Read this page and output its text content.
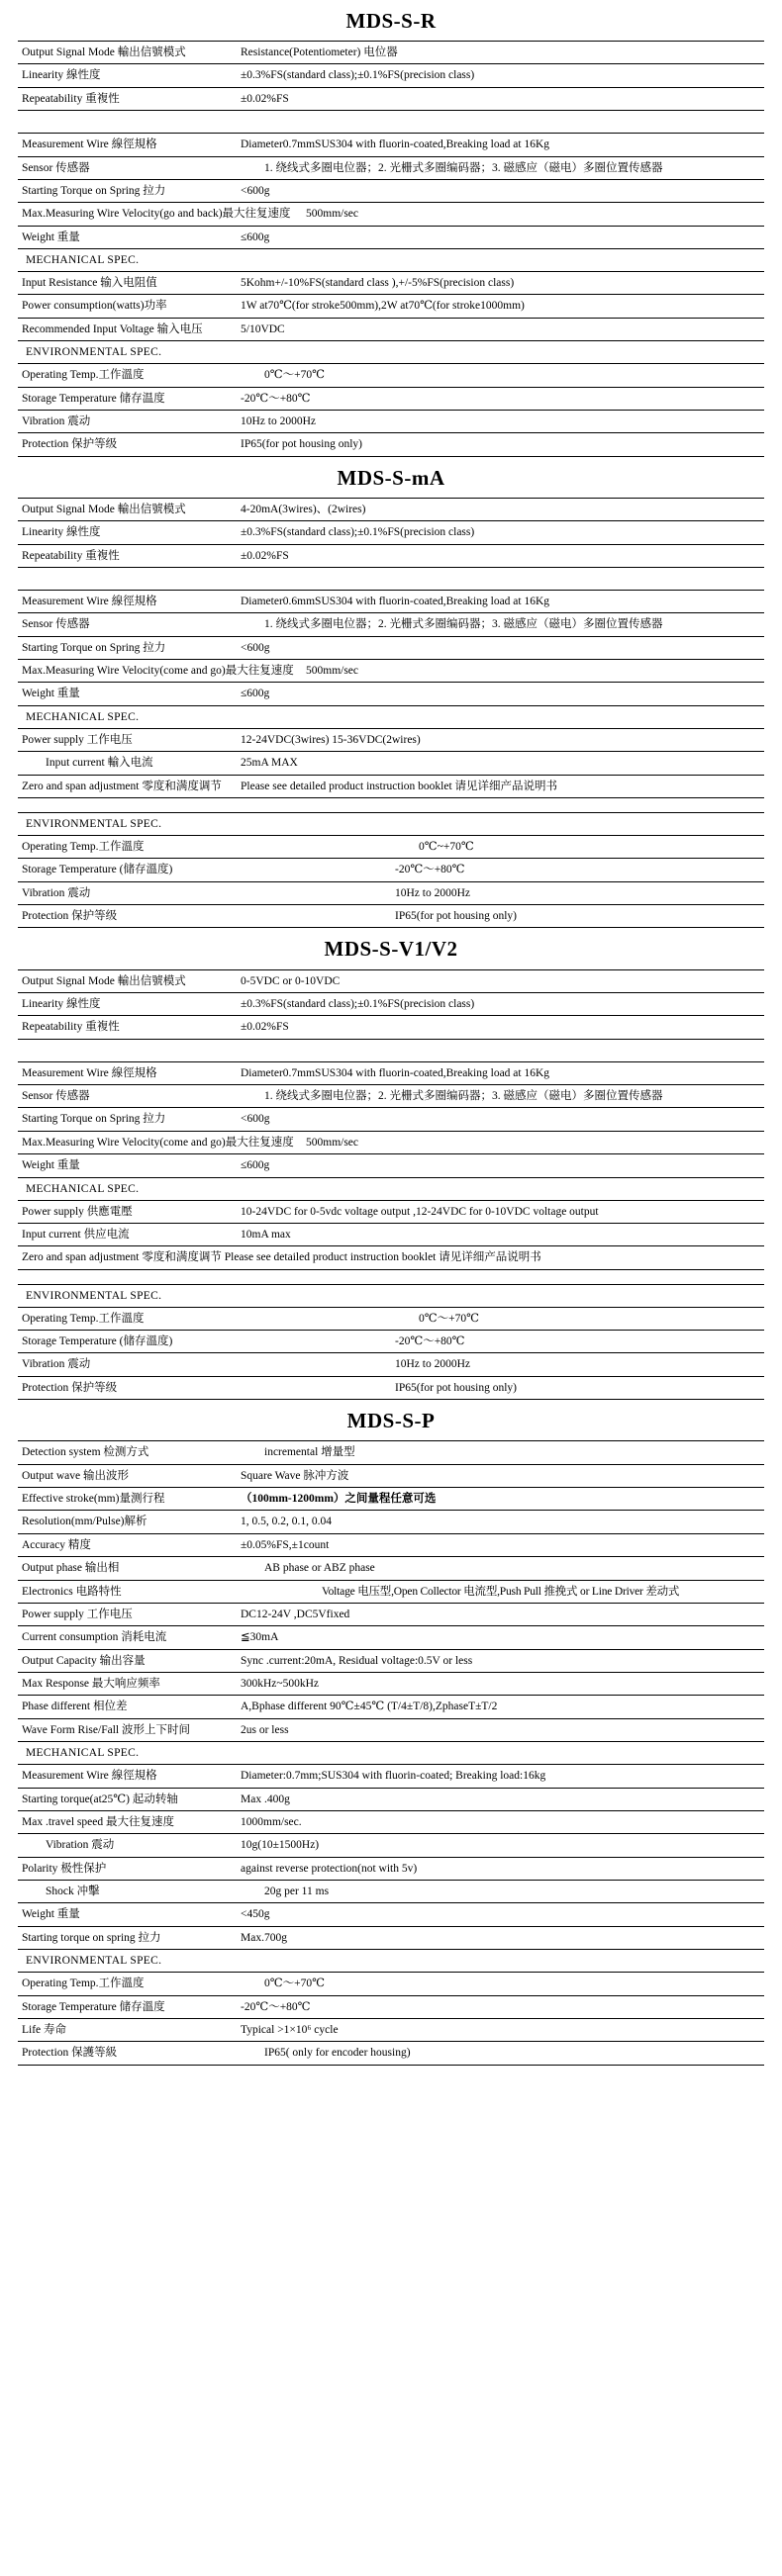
MDS-S-R
Output Signal Mode 輸出信號模式	Resistance(Potentiometer) 电位器
Linearity 線性度	±0.3%FS(standard class);±0.1%FS(precision class)
Repeatability 重複性	±0.02%FS
Measurement Wire 線徑規格	Diameter0.7mmSUS304 with fluorin-coated,Breaking load at 16Kg
Sensor 传感器	1. 绕线式多圈电位器；2. 光栅式多圈编码器；3. 磁感应（磁电）多圈位置传感器
Starting Torque on Spring 拉力	<600g
Max.Measuring Wire Velocity(go and back)最大往复速度	500mm/sec
Weight 重量	≤600g
MECHANICAL SPEC.	
Input Resistance 输入电阻值	5Kohm+/-10%FS(standard class ),+/-5%FS(precision class)
Power consumption(watts)功率	1W at70℃(for stroke500mm),2W at70℃(for stroke1000mm)
Recommended Input Voltage 输入电压	5/10VDC
ENVIRONMENTAL SPEC.	
Operating Temp.工作溫度	0℃～+70℃
Storage Temperature 储存温度	-20℃～+80℃
Vibration 震动	10Hz to 2000Hz
Protection 保护等级	IP65(for pot housing only)
MDS-S-mA
Output Signal Mode 輸出信號模式	4-20mA(3wires)、(2wires)
Linearity 線性度	±0.3%FS(standard class);±0.1%FS(precision class)
Repeatability 重複性	±0.02%FS
Measurement Wire 線徑規格	Diameter0.6mmSUS304 with fluorin-coated,Breaking load at 16Kg
Sensor 传感器	1. 绕线式多圈电位器；2. 光栅式多圈编码器；3. 磁感应（磁电）多圈位置传感器
Starting Torque on Spring 拉力	<600g
Max.Measuring Wire Velocity(come and go)最大往复速度	500mm/sec
Weight 重量	≤600g
MECHANICAL SPEC.	
Power supply 工作电压	12-24VDC(3wires) 15-36VDC(2wires)
Input current 輸入电流	25mA MAX
Zero and span adjustment 零度和满度调节	Please see detailed product instruction booklet 请见详细产品说明书
ENVIRONMENTAL SPEC.	
Operating Temp.工作溫度	0℃~+70℃
Storage Temperature (储存溫度)	-20℃～+80℃
Vibration 震动	10Hz to 2000Hz
Protection 保护等级	IP65(for pot housing only)
MDS-S-V1/V2
Output Signal Mode 輸出信號模式	0-5VDC or 0-10VDC
Linearity 線性度	±0.3%FS(standard class);±0.1%FS(precision class)
Repeatability 重複性	±0.02%FS
Measurement Wire 線徑規格	Diameter0.7mmSUS304 with fluorin-coated,Breaking load at 16Kg
Sensor 传感器	1. 绕线式多圈电位器；2. 光栅式多圈编码器；3. 磁感应（磁电）多圈位置传感器
Starting Torque on Spring 拉力	<600g
Max.Measuring Wire Velocity(come and go)最大往复速度	500mm/sec
Weight 重量	≤600g
MECHANICAL SPEC.	
Power supply 供應電壓	10-24VDC for 0-5vdc voltage output ,12-24VDC for 0-10VDC voltage output
Input current 供应电流	10mA max
Zero and span adjustment 零度和满度调节 Please see detailed product instruction booklet 请见详细产品说明书	
ENVIRONMENTAL SPEC.	
Operating Temp.工作溫度	0℃～+70℃
Storage Temperature (储存溫度)	-20℃～+80℃
Vibration 震动	10Hz to 2000Hz
Protection 保护等级	IP65(for pot housing only)
MDS-S-P
Detection system 检测方式	incremental 增量型
Output wave 输出波形	Square Wave 脉冲方波
Effective stroke(mm)量测行程	（100mm-1200mm）之间量程任意可选
Resolution(mm/Pulse)解析	1, 0.5, 0.2, 0.1, 0.04
Accuracy 精度	±0.05%FS,±1count
Output phase 输出相	AB phase or ABZ phase
Electronics 电路特性	Voltage 电压型,Open Collector 电流型,Push Pull 推挽式 or Line Driver 差动式
Power supply 工作电压	DC12-24V ,DC5Vfixed
Current consumption 消耗电流	≦30mA
Output Capacity 输出容量	Sync .current:20mA, Residual voltage:0.5V or less
Max Response 最大响应频率	300kHz~500kHz
Phase different 相位差	A,Bphase different 90℃±45℃ (T/4±T/8),ZphaseT±T/2
Wave Form Rise/Fall 波形上下时间	2us or less
MECHANICAL SPEC.	
Measurement Wire 線徑規格	Diameter:0.7mm;SUS304 with fluorin-coated; Breaking load:16kg
Starting torque(at25℃) 起动转轴	Max .400g
Max .travel speed 最大往复速度	1000mm/sec.
Vibration 震动	10g(10±1500Hz)
Polarity 极性保护	against reverse protection(not with 5v)
Shock 冲擊	20g per 11 ms
Weight 重量	<450g
Starting torque on spring 拉力	Max.700g
ENVIRONMENTAL SPEC.	
Operating Temp.工作溫度	0℃～+70℃
Storage Temperature 储存溫度	-20℃～+80℃
Life 寿命	Typical >1×10⁶ cycle
Protection 保護等級	IP65( only for encoder housing)
